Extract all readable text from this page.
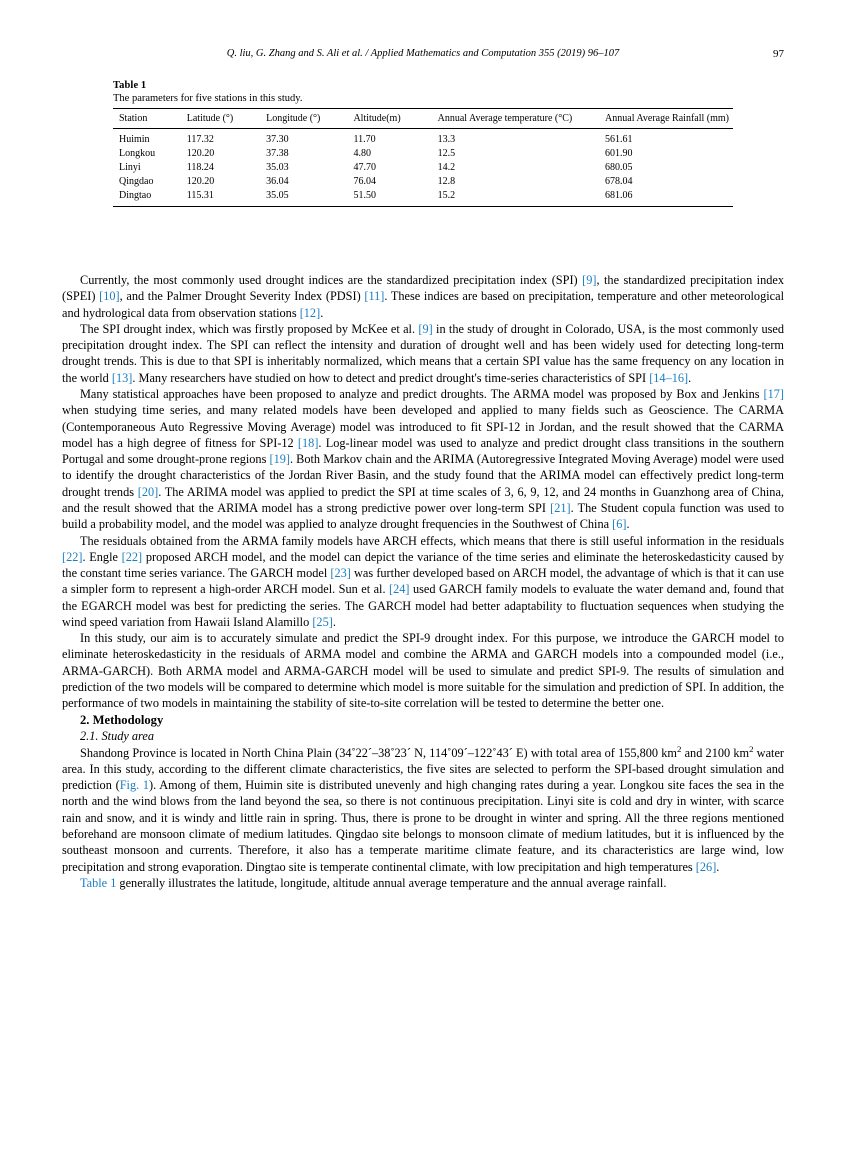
Q. liu, G. Zhang and S. Ali et al. / Applied Mathematics and Computation 355 (2019) 96–107	97
Table 1
The parameters for five stations in this study.
Station	Latitude (°)	Longitude (°)	Altitude(m)	Annual Average temperature (°C)	Annual Average Rainfall (mm)
Huimin	117.32	37.30	11.70	13.3	561.61
Longkou	120.20	37.38	4.80	12.5	601.90
Linyi	118.24	35.03	47.70	14.2	680.05
Qingdao	120.20	36.04	76.04	12.8	678.04
Dingtao	115.31	35.05	51.50	15.2	681.06

Currently, the most commonly used drought indices are the standardized precipitation index (SPI) [9], the standardized precipitation index (SPEI) [10], and the Palmer Drought Severity Index (PDSI) [11]. These indices are based on precipitation, temperature and other meteorological and hydrological data from observation stations [12].

The SPI drought index, which was firstly proposed by McKee et al. [9] in the study of drought in Colorado, USA, is the most commonly used precipitation drought index. The SPI can reflect the intensity and duration of drought well and has been widely used for detecting long-term drought trends. This is due to that SPI is inheritably normalized, which means that a certain SPI value has the same frequency on any location in the world [13]. Many researchers have studied on how to detect and predict drought's time-series characteristics of SPI [14–16].

Many statistical approaches have been proposed to analyze and predict droughts. The ARMA model was proposed by Box and Jenkins [17] when studying time series, and many related models have been developed and applied to many fields such as Geoscience. The CARMA (Contemporaneous Auto Regressive Moving Average) model was introduced to fit SPI-12 in Jordan, and the result showed that the CARMA model has a high degree of fitness for SPI-12 [18]. Log-linear model was used to analyze and predict drought class transitions in the southern Portugal and some drought-prone regions [19]. Both Markov chain and the ARIMA (Autoregressive Integrated Moving Average) model were used to identify the drought characteristics of the Jordan River Basin, and the study found that the ARIMA model can effectively predict long-term drought trends [20]. The ARIMA model was applied to predict the SPI at time scales of 3, 6, 9, 12, and 24 months in Guanzhong area of China, and the result showed that the ARIMA model has a strong predictive power over long-term SPI [21]. The Student copula function was used to build a probability model, and the model was applied to analyze drought frequencies in the Southwest of China [6].

The residuals obtained from the ARMA family models have ARCH effects, which means that there is still useful information in the residuals [22]. Engle [22] proposed ARCH model, and the model can depict the variance of the time series and eliminate the heteroskedasticity caused by the constant time series variance. The GARCH model [23] was further developed based on ARCH model, the advantage of which is that it can use a simpler form to represent a high-order ARCH model. Sun et al. [24] used GARCH family models to evaluate the water demand and, found that the EGARCH model was best for predicting the series. The GARCH model had better adaptability to fluctuation sequences when studying the wind speed variation from Hawaii Island Alamillo [25].

In this study, our aim is to accurately simulate and predict the SPI-9 drought index. For this purpose, we introduce the GARCH model to eliminate heteroskedasticity in the residuals of ARMA model and combine the ARMA and GARCH models into a compounded model (i.e., ARMA-GARCH). Both ARMA model and ARMA-GARCH model will be used to simulate and predict SPI-9. The results of simulation and prediction of the two models will be compared to determine which model is more suitable for the simulation and prediction of SPI. In addition, the performance of two models in maintaining the stability of site-to-site correlation will be tested to determine the better one.

2. Methodology

2.1. Study area

Shandong Province is located in North China Plain (34˚22´–38˚23´ N, 114˚09´–122˚43´ E) with total area of 155,800 $km^2$ and 2100 $km^2$ water area. In this study, according to the different climate characteristics, the five sites are selected to perform the SPI-based drought simulation and prediction (Fig. 1). Among of them, Huimin site is distributed unevenly and high changing rates during a year. Longkou site faces the sea in the north and the wind blows from the land beyond the sea, so there is not continuous precipitation. Linyi site is cold and dry in winter, with scarce rain and snow, and it is windy and little rain in spring. Thus, there is prone to be drought in winter and spring. All the three regions mentioned beforehand are monsoon climate of medium latitudes. Qingdao site belongs to monsoon climate of medium latitudes, but it is influenced by the southeast monsoon and currents. Therefore, it also has a temperate maritime climate feature, and its characteristics are large wind, low precipitation and strong evaporation. Dingtao site is temperate continental climate, with low precipitation and high temperatures [26].

Table 1 generally illustrates the latitude, longitude, altitude annual average temperature and the annual average rainfall.
